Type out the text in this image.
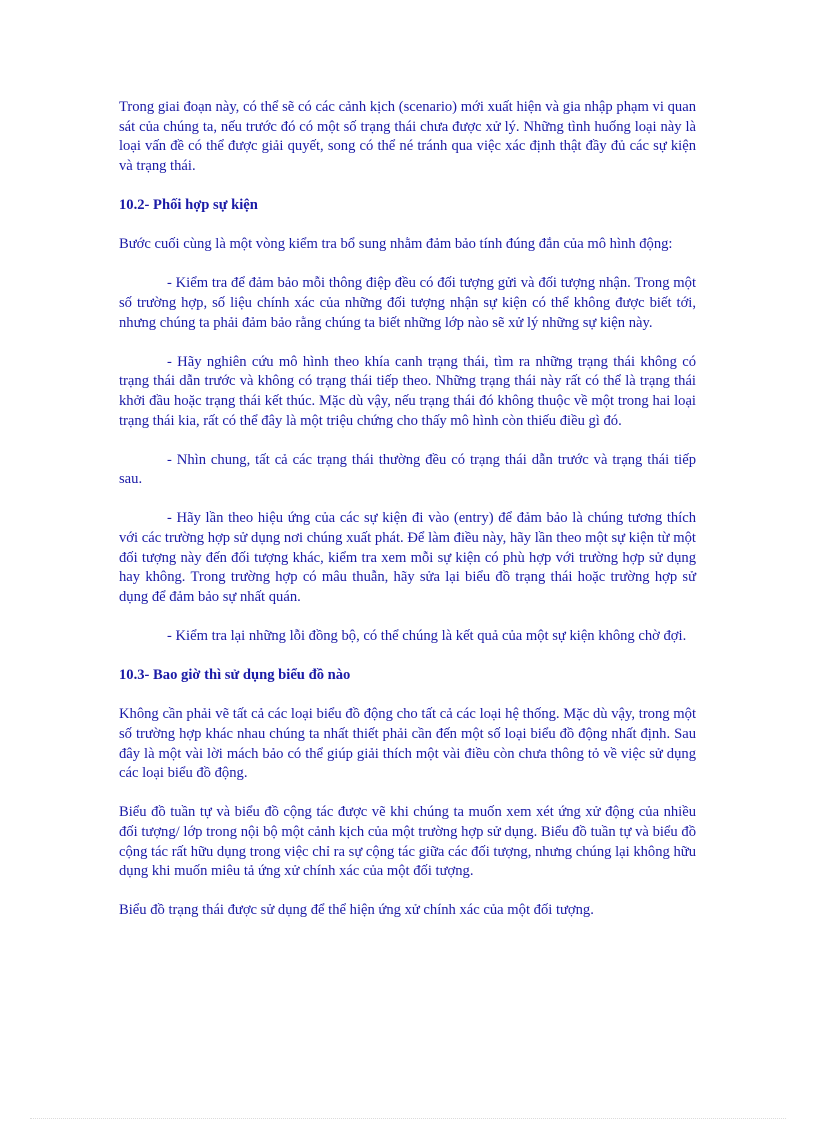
Trong giai đoạn này, có thể sẽ có các cảnh kịch (scenario) mới xuất hiện và gia nhập phạm vi quan sát của chúng ta, nếu trước đó có một số trạng thái chưa được xử lý. Những tình huống loại này là loại vấn đề có thể được giải quyết, song có thể né tránh qua việc xác định thật đầy đủ các sự kiện và trạng thái.

10.2- Phối hợp sự kiện

Bước cuối cùng là một vòng kiểm tra bổ sung nhằm đảm bảo tính đúng đắn của mô hình động:

- Kiểm tra để đảm bảo mỗi thông điệp đều có đối tượng gửi và đối tượng nhận. Trong một số trường hợp, số liệu chính xác của những đối tượng nhận sự kiện có thể không được biết tới, nhưng chúng ta phải đảm bảo rằng chúng ta biết những lớp nào sẽ xử lý những sự kiện này.

- Hãy nghiên cứu mô hình theo khía canh trạng thái, tìm ra những trạng thái không có trạng thái dẫn trước và không có trạng thái tiếp theo. Những trạng thái này rất có thể là trạng thái khởi đầu hoặc trạng thái kết thúc. Mặc dù vậy, nếu trạng thái đó không thuộc về một trong hai loại trạng thái kia, rất có thể đây là một triệu chứng cho thấy mô hình còn thiếu điều gì đó.

- Nhìn chung, tất cả các trạng thái thường đều có trạng thái dẫn trước và trạng thái tiếp sau.

- Hãy lần theo hiệu ứng của các sự kiện đi vào (entry) để đảm bảo là chúng tương thích với các trường hợp sử dụng nơi chúng xuất phát. Để làm điều này, hãy lần theo một sự kiện từ một đối tượng này đến đối tượng khác, kiểm tra xem mỗi sự kiện có phù hợp với trường hợp sử dụng hay không. Trong trường hợp có mâu thuẫn, hãy sửa lại biểu đồ trạng thái hoặc trường hợp sử dụng để đảm bảo sự nhất quán.

- Kiểm tra lại những lỗi đồng bộ, có thể chúng là kết quả của một sự kiện không chờ đợi.

10.3- Bao giờ thì sử dụng biểu đồ nào

Không cần phải vẽ tất cả các loại biểu đồ động cho tất cả các loại hệ thống. Mặc dù vậy, trong một số trường hợp khác nhau chúng ta nhất thiết phải cần đến một số loại biểu đồ động nhất định. Sau đây là một vài lời mách bảo có thể giúp giải thích một vài điều còn chưa thông tỏ về việc sử dụng các loại biểu đồ động.

Biểu đồ tuần tự và biểu đồ cộng tác được vẽ khi chúng ta muốn xem xét ứng xử động của nhiều đối tượng/ lớp trong nội bộ một cảnh kịch của một trường hợp sử dụng. Biểu đồ tuần tự và biểu đồ cộng tác rất hữu dụng trong việc chỉ ra sự cộng tác giữa các đối tượng, nhưng chúng lại không hữu dụng khi muốn miêu tả ứng xử chính xác của một đối tượng.

Biểu đồ trạng thái được sử dụng để thể hiện ứng xử chính xác của một đối tượng.
